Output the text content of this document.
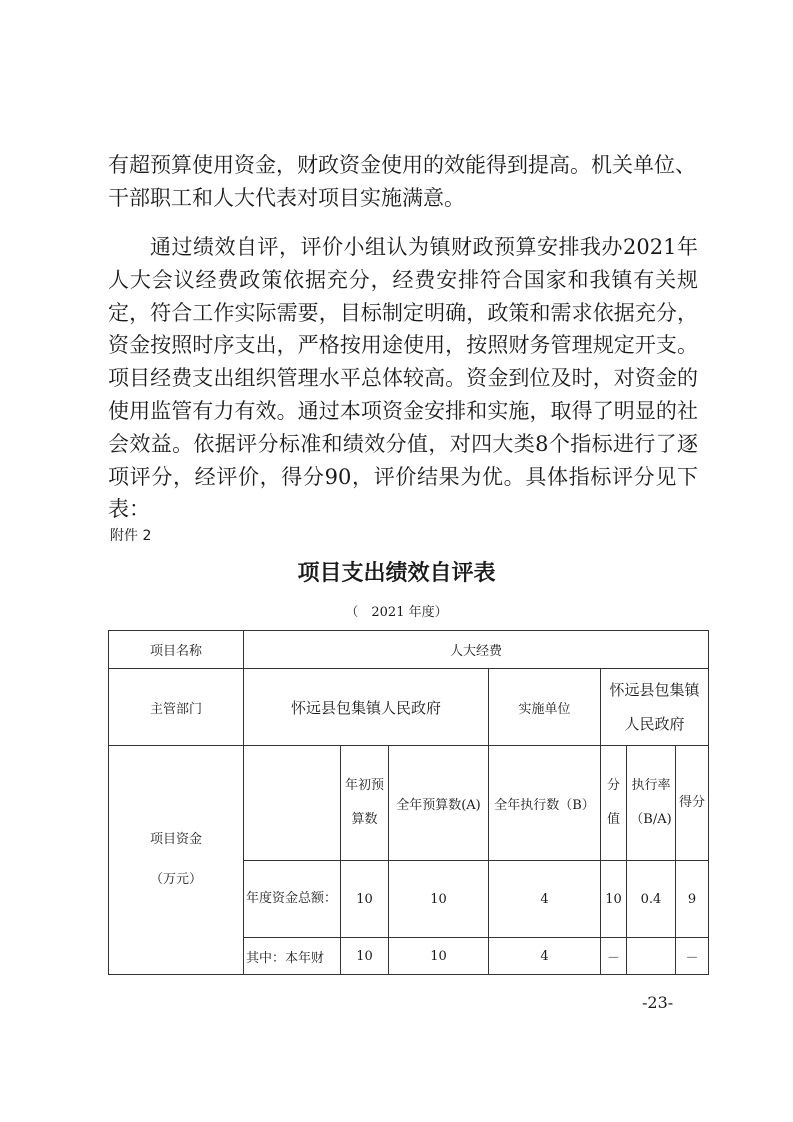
有超预算使用资金，财政资金使用的效能得到提高。机关单位、干部职工和人大代表对项目实施满意。
通过绩效自评，评价小组认为镇财政预算安排我办2021年人大会议经费政策依据充分，经费安排符合国家和我镇有关规定，符合工作实际需要，目标制定明确，政策和需求依据充分，资金按照时序支出，严格按用途使用，按照财务管理规定开支。项目经费支出组织管理水平总体较高。资金到位及时，对资金的使用监管有力有效。通过本项资金安排和实施，取得了明显的社会效益。依据评分标准和绩效分值，对四大类8个指标进行了逐项评分，经评价，得分90，评价结果为优。具体指标评分见下表：
附件 2
项目支出绩效自评表
（　2021 年度）
项目名称	人大经费						
主管部门	怀远县包集镇人民政府			实施单位	怀远县包集镇人民政府		

项目资金
（万元）		年初预算数	全年预算数(A)	全年执行数（B）	分值	执行率（B/A)	得分
	年度资金总额：	10	10	4	10	0.4	9
	其中：本年财	10	10	4	－		－
-23-
